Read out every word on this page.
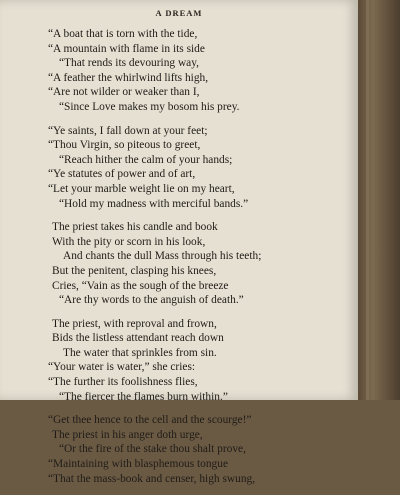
A DREAM
“A boat that is torn with the tide,
“A mountain with flame in its side
“That rends its devouring way,
“A feather the whirlwind lifts high,
“Are not wilder or weaker than I,
“Since Love makes my bosom his prey.
“Ye saints, I fall down at your feet;
“Thou Virgin, so piteous to greet,
“Reach hither the calm of your hands;
“Ye statutes of power and of art,
“Let your marble weight lie on my heart,
“Hold my madness with merciful bands.”
The priest takes his candle and book
With the pity or scorn in his look,
And chants the dull Mass through his teeth;
But the penitent, clasping his knees,
Cries, “Vain as the sough of the breeze
“Are thy words to the anguish of death.”
The priest, with reproval and frown,
Bids the listless attendant reach down
The water that sprinkles from sin.
“Your water is water,” she cries:
“The further its foolishness flies,
“The fiercer the flames burn within.”
“Get thee hence to the cell and the scourge!”
The priest in his anger doth urge,
“Or the fire of the stake thou shalt prove,
“Maintaining with blasphemous tongue
“That the mass-book and censer, high swung,
